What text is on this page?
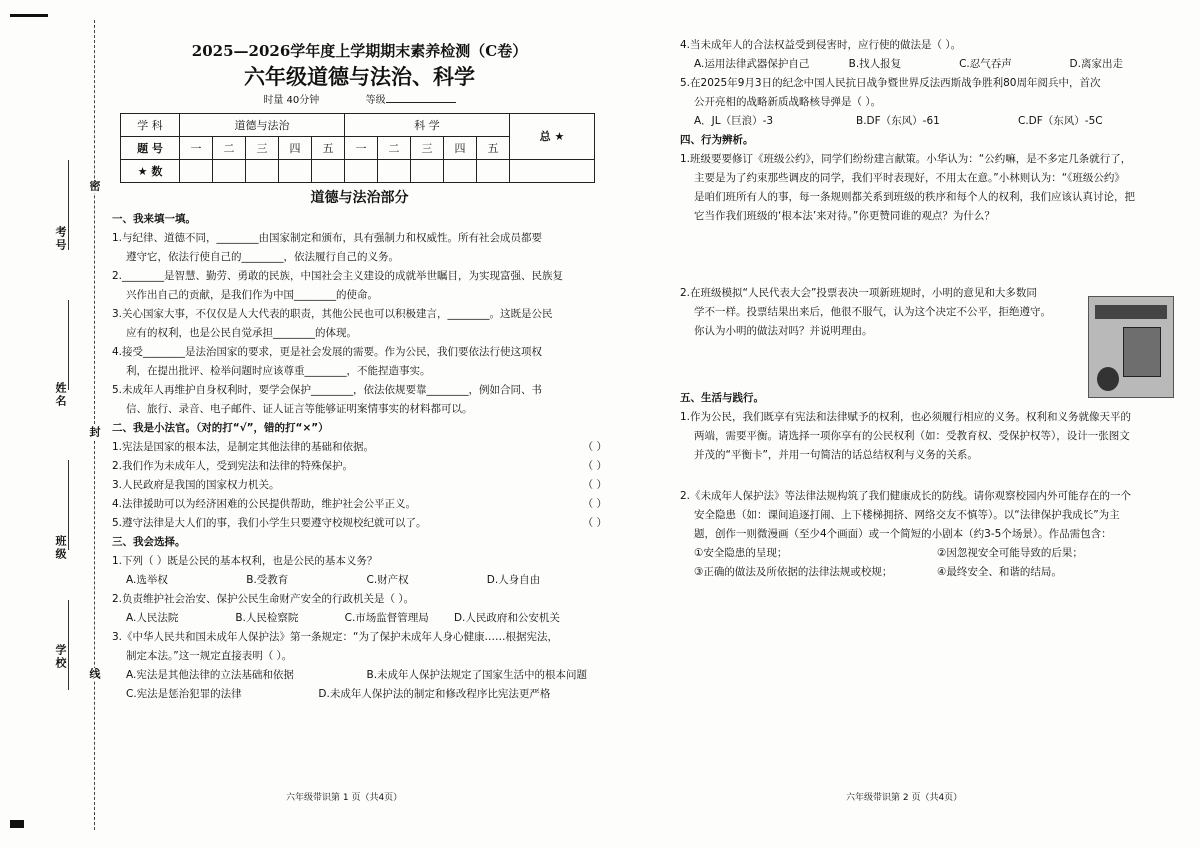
考号
姓名
班级
学校
密
封
线
2025—2026学年度上学期期末素养检测（C卷）
六年级道德与法治、科学
时量 40分钟	等级
学 科	道德与法治					科 学					总 ★
题 号	一	二	三	四	五	一	二	三	四	五	
★ 数											
道德与法治部分

一、我来填一填。

1.与纪律、道德不同，________由国家制定和颁布，具有强制力和权威性。所有社会成员都要

遵守它，依法行使自己的________，依法履行自己的义务。

2.________是智慧、勤劳、勇敢的民族，中国社会主义建设的成就举世瞩目，为实现富强、民族复

兴作出自己的贡献，是我们作为中国________的使命。

3.关心国家大事，不仅仅是人大代表的职责，其他公民也可以积极建言，________。这既是公民

应有的权利，也是公民自觉承担________的体现。

4.接受________是法治国家的要求，更是社会发展的需要。作为公民，我们要依法行使这项权

利，在提出批评、检举问题时应该尊重________，不能捏造事实。

5.未成年人再维护自身权利时，要学会保护________，依法依规要靠________，例如合同、书

信、旅行、录音、电子邮件、证人证言等能够证明案情事实的材料都可以。

二、我是小法官。（对的打“√”，错的打“×”）

1.宪法是国家的根本法，是制定其他法律的基础和依据。	（ ）
2.我们作为未成年人，受到宪法和法律的特殊保护。	（ ）
3.人民政府是我国的国家权力机关。	（ ）
4.法律援助可以为经济困难的公民提供帮助，维护社会公平正义。	（ ）
5.遵守法律是大人们的事，我们小学生只要遵守校规校纪就可以了。	（ ）

三、我会选择。

1.下列（ ）既是公民的基本权利，也是公民的基本义务？

A.选举权	B.受教育	C.财产权	D.人身自由

2.负责维护社会治安、保护公民生命财产安全的行政机关是（ ）。

A.人民法院	B.人民检察院	C.市场监督管理局	D.人民政府和公安机关

3.《中华人民共和国未成年人保护法》第一条规定：“为了保护未成年人身心健康……根据宪法，

制定本法。”这一规定直接表明（ ）。

A.宪法是其他法律的立法基础和依据	B.未成年人保护法规定了国家生活中的根本问题
C.宪法是惩治犯罪的法律	D.未成年人保护法的制定和修改程序比宪法更严格
六年级带识第 1 页（共4页）

4.当未成年人的合法权益受到侵害时，应行使的做法是（ ）。

A.运用法律武器保护自己	B.找人报复	C.忍气吞声	D.离家出走

5.在2025年9月3日的纪念中国人民抗日战争暨世界反法西斯战争胜利80周年阅兵中，首次

公开亮相的战略新质战略核导弹是（ ）。

A．JL（巨浪）-3	B.DF（东风）-61	C.DF（东风）-5C

四、行为辨析。

1.班级要要修订《班级公约》，同学们纷纷建言献策。小华认为：“公约嘛，是不多定几条就行了，

主要是为了约束那些调皮的同学，我们平时表现好，不用太在意。”小林则认为：“《班级公约》

是咱们班所有人的事，每一条规则都关系到班级的秩序和每个人的权利，我们应该认真讨论，把

它当作我们班级的‘根本法’来对待。”你更赞同谁的观点？为什么？

2.在班级模拟“人民代表大会”投票表决一项新班规时，小明的意见和大多数同

学不一样。投票结果出来后，他很不服气，认为这个决定不公平，拒绝遵守。

你认为小明的做法对吗？并说明理由。

五、生活与践行。

1.作为公民，我们既享有宪法和法律赋予的权利，也必须履行相应的义务。权利和义务就像天平的

两端，需要平衡。请选择一项你享有的公民权利（如：受教育权、受保护权等），设计一张图文

并茂的“平衡卡”，并用一句简洁的话总结权利与义务的关系。

2.《未成年人保护法》等法律法规构筑了我们健康成长的防线。请你观察校园内外可能存在的一个

安全隐患（如：课间追逐打闹、上下楼梯拥挤、网络交友不慎等）。以“法律保护我成长”为主

题，创作一则微漫画（至少4个画面）或一个简短的小剧本（约3-5个场景）。作品需包含：

①安全隐患的呈现；	②因忽视安全可能导致的后果；
③正确的做法及所依据的法律法规或校规；	④最终安全、和谐的结局。
六年级带识第 2 页（共4页）
